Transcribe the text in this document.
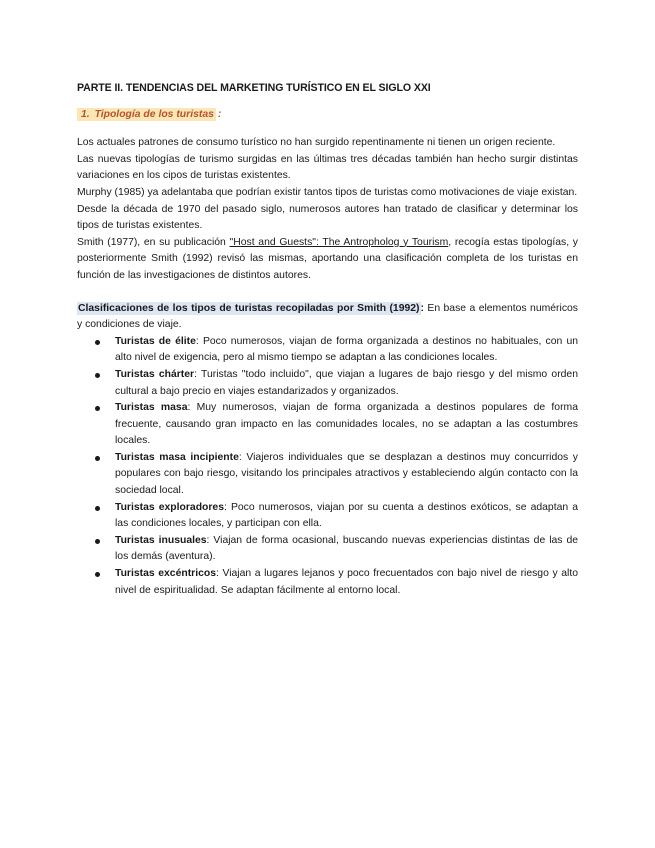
PARTE II. TENDENCIAS DEL MARKETING TURÍSTICO EN EL SIGLO XXI
1. Tipología de los turistas :

Los actuales patrones de consumo turístico no han surgido repentinamente ni tienen un origen reciente.

Las nuevas tipologías de turismo surgidas en las últimas tres décadas también han hecho surgir distintas variaciones en los cipos de turistas existentes.

Murphy (1985) ya adelantaba que podrían existir tantos tipos de turistas como motivaciones de viaje existan.

Desde la década de 1970 del pasado siglo, numerosos autores han tratado de clasificar y determinar los tipos de turistas existentes.

Smith (1977), en su publicación "Host and Guests": The Antropholog y Tourism, recogía estas tipologías, y posteriormente Smith (1992) revisó las mismas, aportando una clasificación completa de los turistas en función de las investigaciones de distintos autores.

Clasificaciones de los tipos de turistas recopiladas por Smith (1992): En base a elementos numéricos y condiciones de viaje.

Turistas de élite: Poco numerosos, viajan de forma organizada a destinos no habituales, con un alto nivel de exigencia, pero al mismo tiempo se adaptan a las condiciones locales.
Turistas chárter: Turistas "todo incluido", que viajan a lugares de bajo riesgo y del mismo orden cultural a bajo precio en viajes estandarizados y organizados.
Turistas masa: Muy numerosos, viajan de forma organizada a destinos populares de forma frecuente, causando gran impacto en las comunidades locales, no se adaptan a las costumbres locales.
Turistas masa incipiente: Viajeros individuales que se desplazan a destinos muy concurridos y populares con bajo riesgo, visitando los principales atractivos y estableciendo algún contacto con la sociedad local.
Turistas exploradores: Poco numerosos, viajan por su cuenta a destinos exóticos, se adaptan a las condiciones locales, y participan con ella.
Turistas inusuales: Viajan de forma ocasional, buscando nuevas experiencias distintas de las de los demás (aventura).
Turistas excéntricos: Viajan a lugares lejanos y poco frecuentados con bajo nivel de riesgo y alto nivel de espiritualidad. Se adaptan fácilmente al entorno local.
